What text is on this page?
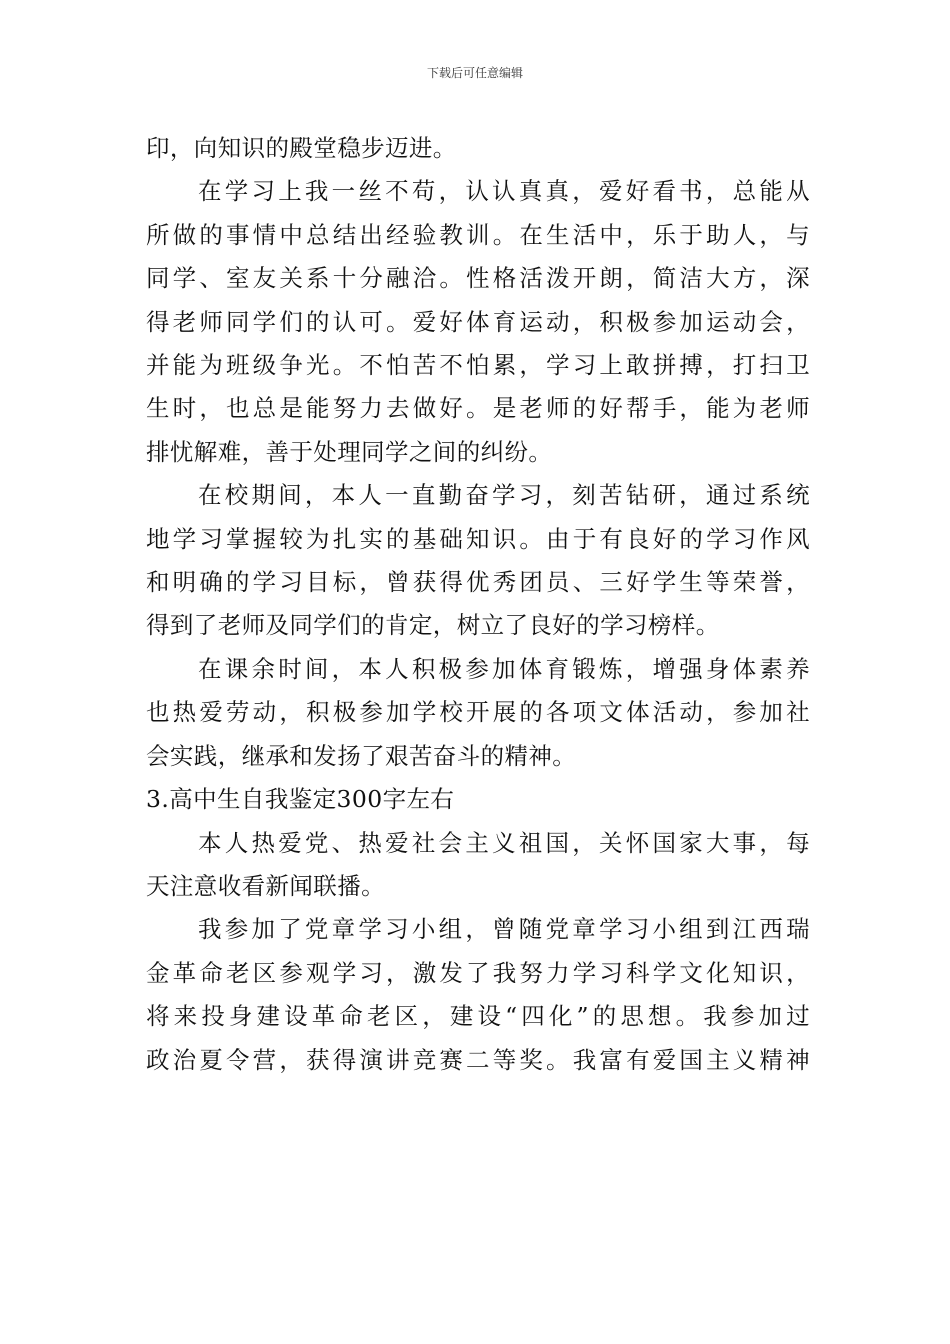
下载后可任意编辑
印，向知识的殿堂稳步迈进。
在学习上我一丝不苟，认认真真，爱好看书，总能从
所做的事情中总结出经验教训。在生活中，乐于助人，与
同学、室友关系十分融洽。性格活泼开朗，简洁大方，深
得老师同学们的认可。爱好体育运动，积极参加运动会，
并能为班级争光。不怕苦不怕累，学习上敢拼搏，打扫卫
生时，也总是能努力去做好。是老师的好帮手，能为老师
排忧解难，善于处理同学之间的纠纷。
在校期间，本人一直勤奋学习，刻苦钻研，通过系统
地学习掌握较为扎实的基础知识。由于有良好的学习作风
和明确的学习目标，曾获得优秀团员、三好学生等荣誉，
得到了老师及同学们的肯定，树立了良好的学习榜样。
在课余时间，本人积极参加体育锻炼，增强身体素养
也热爱劳动，积极参加学校开展的各项文体活动，参加社
会实践，继承和发扬了艰苦奋斗的精神。
3.高中生自我鉴定300字左右
本人热爱党、热爱社会主义祖国，关怀国家大事，每
天注意收看新闻联播。
我参加了党章学习小组，曾随党章学习小组到江西瑞
金革命老区参观学习，激发了我努力学习科学文化知识，
将来投身建设革命老区，建设“四化”的思想。我参加过
政治夏令营，获得演讲竞赛二等奖。我富有爱国主义精神
